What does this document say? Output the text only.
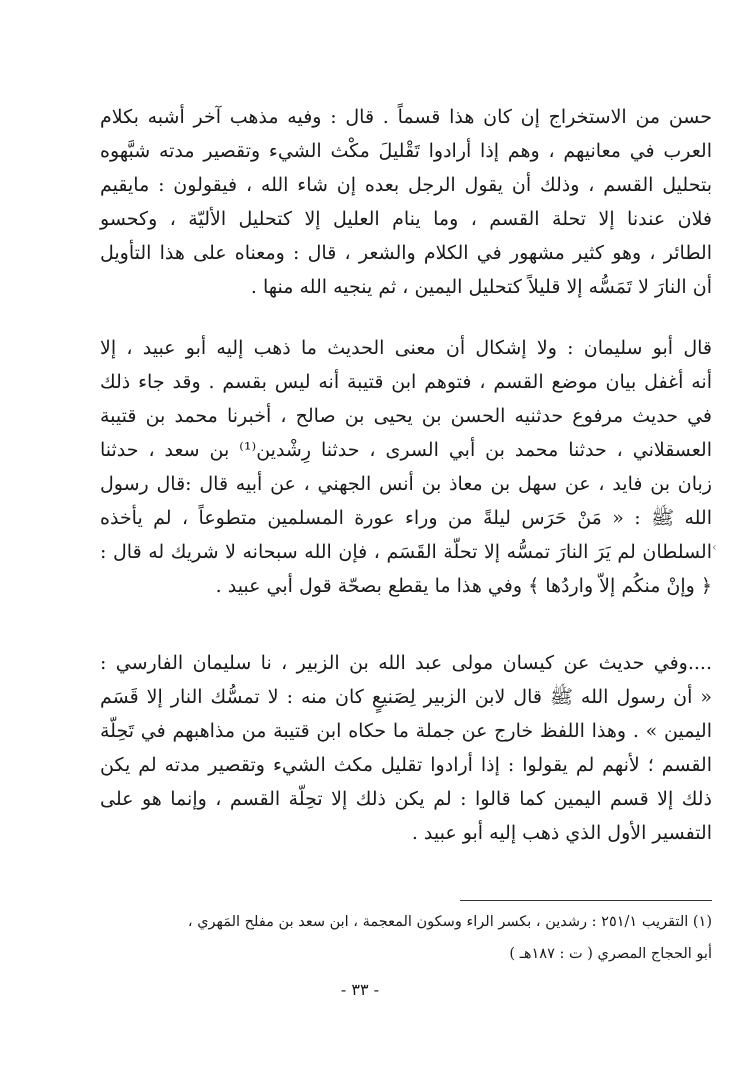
‹
حسن من الاستخراج إن كان هذا قسماً . قال : وفيه مذهب آخر أشبه بكلام
العرب في معانيهم ، وهم إذا أرادوا تَقْليلَ مكْث الشيء وتقصير مدته شبَّهوه
بتحليل القسم ، وذلك أن يقول الرجل بعده إن شاء الله ، فيقولون : مايقيم
فلان عندنا إلا تحلة القسم ، وما ينام العليل إلا كتحليل الأليّة ، وكحسو
الطائر ، وهو كثير مشهور في الكلام والشعر ، قال : ومعناه على هذا التأويل
أن النارَ لا تَمَسُّه إلا قليلاً كتحليل اليمين ، ثم ينجيه الله منها .
قال أبو سليمان : ولا إشكال أن معنى الحديث ما ذهب إليه أبو عبيد ، إلا
أنه أغفل بيان موضع القسم ، فتوهم ابن قتيبة أنه ليس بقسم . وقد جاء ذلك
في حديث مرفوع حدثنيه الحسن بن يحيى بن صالح ، أخبرنا محمد بن قتيبة
العسقلاني ، حدثنا محمد بن أبي السرى ، حدثنا رِشْدين⁽¹⁾ بن سعد ، حدثنا
زبان بن فايد ، عن سهل بن معاذ بن أنس الجهني ، عن أبيه قال :قال رسول
الله ﷺ : « مَنْ حَرَس ليلةً من وراء عورة المسلمين متطوعاً ، لم يأخذه
السلطان لم يَرَ النارَ تمسُّه إلا تحلّة القَسَم ، فإن الله سبحانه لا شريك له قال :
﴿ وإنْ منكُم إلاّ واردُها ﴾ وفي هذا ما يقطع بصحّة قول أبي عبيد .
....وفي حديث عن كيسان مولى عبد الله بن الزبير ، نا سليمان الفارسي :
« أن رسول الله ﷺ قال لابن الزبير لِصَنيعٍ كان منه : لا تمسُّك النار إلا قَسَم
اليمين » . وهذا اللفظ خارج عن جملة ما حكاه ابن قتيبة من مذاهبهم في تَحِلّة
القسم ؛ لأنهم لم يقولوا : إذا أرادوا تقليل مكث الشيء وتقصير مدته لم يكن
ذلك إلا قسم اليمين كما قالوا : لم يكن ذلك إلا تحِلّة القسم ، وإنما هو على
التفسير الأول الذي ذهب إليه أبو عبيد .
(١) التقريب ٢٥١/١ : رشدين ، بكسر الراء وسكون المعجمة ، ابن سعد بن مفلح المَهري ،
أبو الحجاج المصري ( ت : ١٨٧هـ )
- ٣٣ -
